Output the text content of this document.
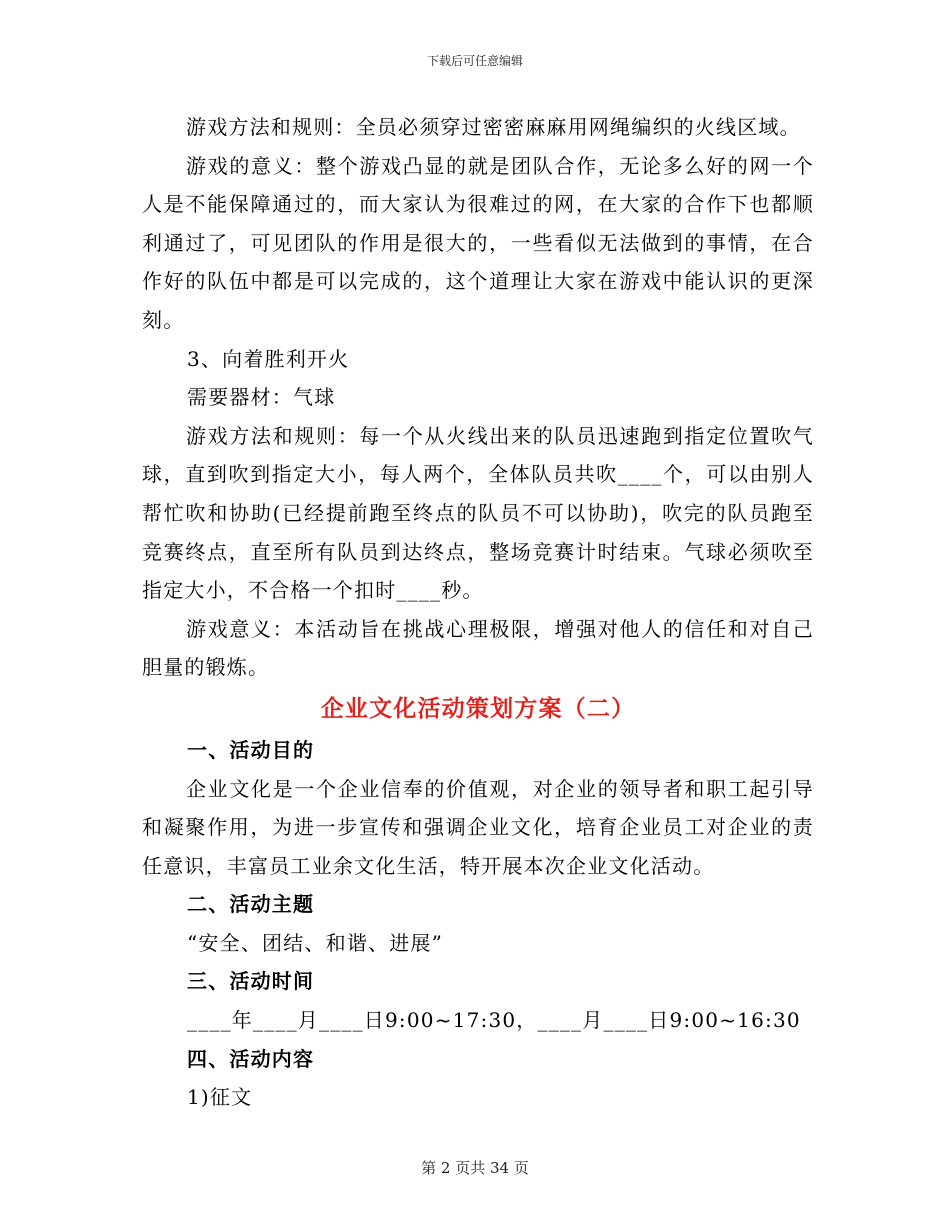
下载后可任意编辑

游戏方法和规则：全员必须穿过密密麻麻用网绳编织的火线区域。

游戏的意义：整个游戏凸显的就是团队合作，无论多么好的网一个人是不能保障通过的，而大家认为很难过的网，在大家的合作下也都顺利通过了，可见团队的作用是很大的，一些看似无法做到的事情，在合作好的队伍中都是可以完成的，这个道理让大家在游戏中能认识的更深刻。

3、向着胜利开火

需要器材：气球

游戏方法和规则：每一个从火线出来的队员迅速跑到指定位置吹气球，直到吹到指定大小，每人两个，全体队员共吹____个，可以由别人帮忙吹和协助(已经提前跑至终点的队员不可以协助)，吹完的队员跑至竞赛终点，直至所有队员到达终点，整场竞赛计时结束。气球必须吹至指定大小，不合格一个扣时____秒。

游戏意义：本活动旨在挑战心理极限，增强对他人的信任和对自己胆量的锻炼。

企业文化活动策划方案（二）

一、活动目的

企业文化是一个企业信奉的价值观，对企业的领导者和职工起引导和凝聚作用，为进一步宣传和强调企业文化，培育企业员工对企业的责任意识，丰富员工业余文化生活，特开展本次企业文化活动。

二、活动主题

“安全、团结、和谐、进展”

三、活动时间

____年____月____日9:00~17:30，____月____日9:00~16:30

四、活动内容

1)征文

第 2 页共 34 页
